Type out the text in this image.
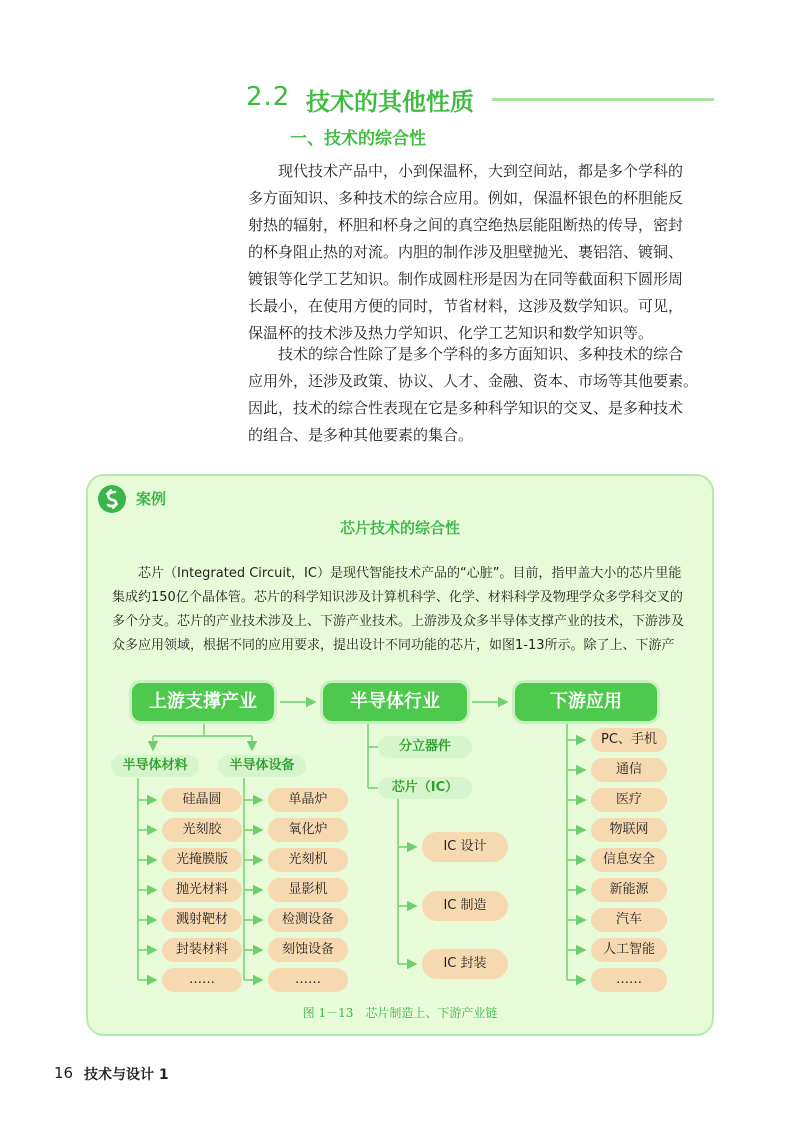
2.2 技术的其他性质
一、技术的综合性
现代技术产品中，小到保温杯，大到空间站，都是多个学科的
多方面知识、多种技术的综合应用。例如，保温杯银色的杯胆能反
射热的辐射，杯胆和杯身之间的真空绝热层能阻断热的传导，密封
的杯身阻止热的对流。内胆的制作涉及胆壁抛光、裹铝箔、镀铜、
镀银等化学工艺知识。制作成圆柱形是因为在同等截面积下圆形周
长最小，在使用方便的同时，节省材料，这涉及数学知识。可见，
保温杯的技术涉及热力学知识、化学工艺知识和数学知识等。
技术的综合性除了是多个学科的多方面知识、多种技术的综合
应用外，还涉及政策、协议、人才、金融、资本、市场等其他要素。
因此，技术的综合性表现在它是多种科学知识的交叉、是多种技术
的组合、是多种其他要素的集合。
案例
芯片技术的综合性
芯片（Integrated Circuit，IC）是现代智能技术产品的“心脏”。目前，指甲盖大小的芯片里能
集成约150亿个晶体管。芯片的科学知识涉及计算机科学、化学、材料科学及物理学众多学科交叉的
多个分支。芯片的产业技术涉及上、下游产业技术。上游涉及众多半导体支撑产业的技术，下游涉及
众多应用领域，根据不同的应用要求，提出设计不同功能的芯片，如图1-13所示。除了上、下游产
上游支撑产业	半导体行业	下游应用
半导体材料	半导体设备
分立器件
芯片（IC）
硅晶圆
光刻胶
光掩膜版
抛光材料
溅射靶材
封装材料
……
单晶炉
氧化炉
光刻机
显影机
检测设备
刻蚀设备
……
IC 设计
IC 制造
IC 封装
PC、手机
通信
医疗
物联网
信息安全
新能源
汽车
人工智能
……
图 1－13　芯片制造上、下游产业链
16 技术与设计 1
